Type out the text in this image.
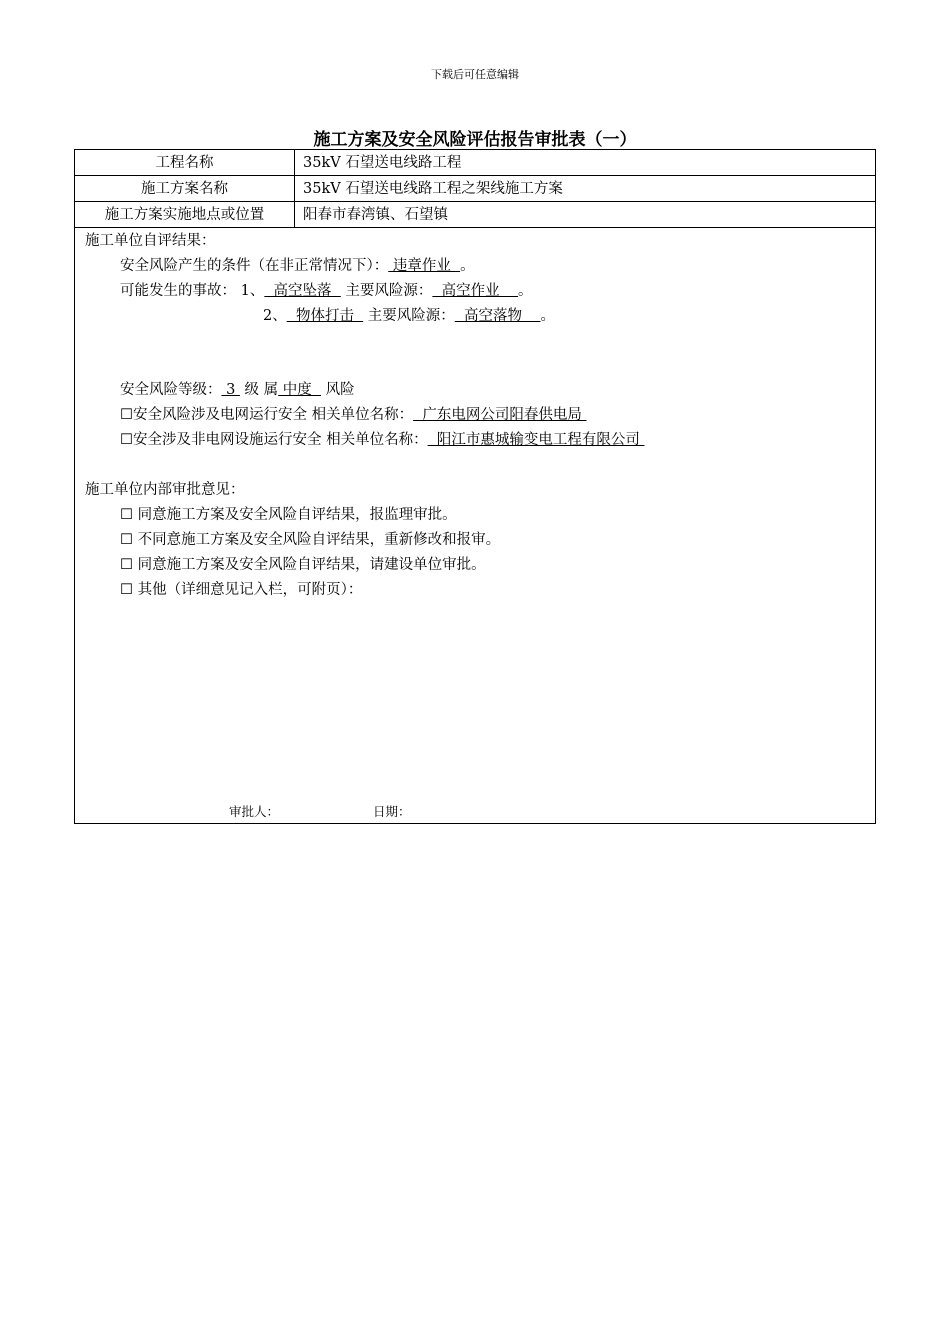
下载后可任意编辑
施工方案及安全风险评估报告审批表（一）
工程名称	35kV 石望送电线路工程
施工方案名称	35kV 石望送电线路工程之架线施工方案
施工方案实施地点或位置	阳春市春湾镇、石望镇
施工单位自评结果：
安全风险产生的条件（在非正常情况下）： 违章作业  。
可能发生的事故： 1、  高空坠落   主要风险源：  高空作业    。
2、  物体打击   主要风险源：  高空落物    。
安全风险等级： 3  级 属 中度   风险
☐安全风险涉及电网运行安全 相关单位名称：  广东电网公司阳春供电局
☐安全涉及非电网设施运行安全 相关单位名称：  阳江市惠城输变电工程有限公司
施工单位内部审批意见：
☐ 同意施工方案及安全风险自评结果，报监理审批。
☐ 不同意施工方案及安全风险自评结果，重新修改和报审。
☐ 同意施工方案及安全风险自评结果，请建设单位审批。
☐ 其他（详细意见记入栏，可附页）：
审批人：	日期：
